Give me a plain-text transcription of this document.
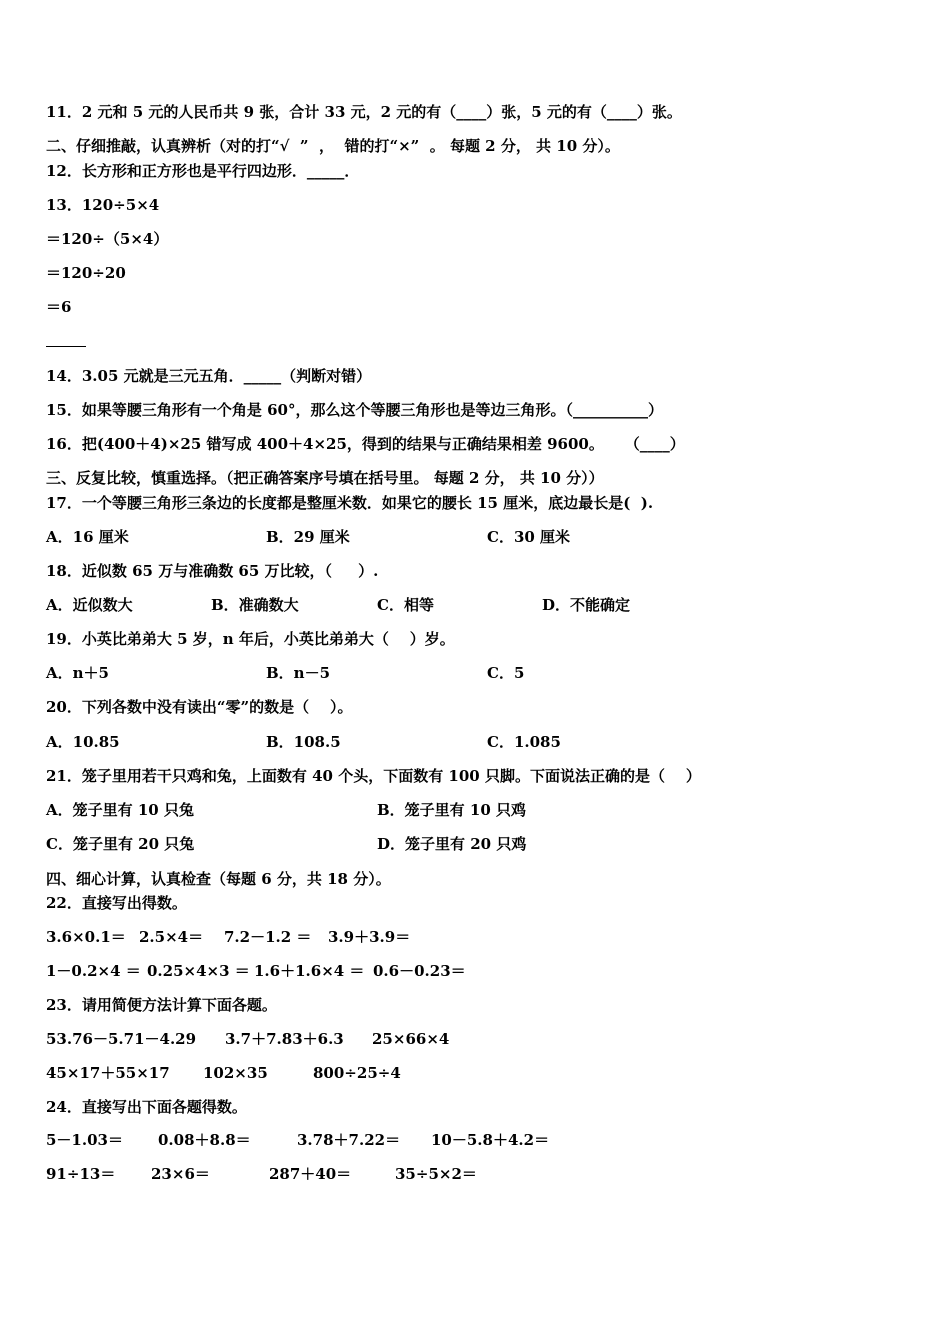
11．2 元和 5 元的人民币共 9 张，合计 33 元，2 元的有（____）张，5 元的有（____）张。
二、仔细推敲，认真辨析（对的打“√  ”  ，  错的打“×”  。 每题 2 分， 共 10 分）。
12．长方形和正方形也是平行四边形．_____．
13．120÷5×4
＝120÷（5×4）
＝120÷20
＝6
14．3.05 元就是三元五角．_____（判断对错）
15．如果等腰三角形有一个角是 60°，那么这个等腰三角形也是等边三角形。（__________）
16．把(400＋4)×25 错写成 400＋4×25，得到的结果与正确结果相差 9600。    （____）
三、反复比较，慎重选择。（把正确答案序号填在括号里。 每题 2 分， 共 10 分））
17．一个等腰三角形三条边的长度都是整厘米数．如果它的腰长 15 厘米，底边最长是(  ).
A．16 厘米	B．29 厘米	C．30 厘米
18．近似数 65 万与准确数 65 万比较，（     ）.
A．近似数大	B．准确数大	C．相等	D．不能确定
19．小英比弟弟大 5 岁，n 年后，小英比弟弟大（    ）岁。
A．n＋5	B．n－5	C．5
20．下列各数中没有读出“零”的数是（    ）。
A．10.85	B．108.5	C．1.085
21．笼子里用若干只鸡和兔，上面数有 40 个头，下面数有 100 只脚。下面说法正确的是（    ）
A．笼子里有 10 只兔	B．笼子里有 10 只鸡
C．笼子里有 20 只兔	D．笼子里有 20 只鸡
四、细心计算，认真检查（每题 6 分，共 18 分）。
22．直接写出得数。
3.6×0.1＝ 2.5×4＝ 7.2－1.2 ＝ 3.9＋3.9＝
1－0.2×4 ＝ 0.25×4×3 ＝ 1.6＋1.6×4 ＝ 0.6－0.23＝
23．请用简便方法计算下面各题。
53.76－5.71－4.29 3.7＋7.83＋6.3 25×66×4
45×17＋55×17 102×35	800÷25÷4
24．直接写出下面各题得数。
5－1.03＝ 0.08＋8.8＝	3.78＋7.22＝ 10－5.8＋4.2＝
91÷13＝ 23×6＝	287＋40＝	35÷5×2＝
